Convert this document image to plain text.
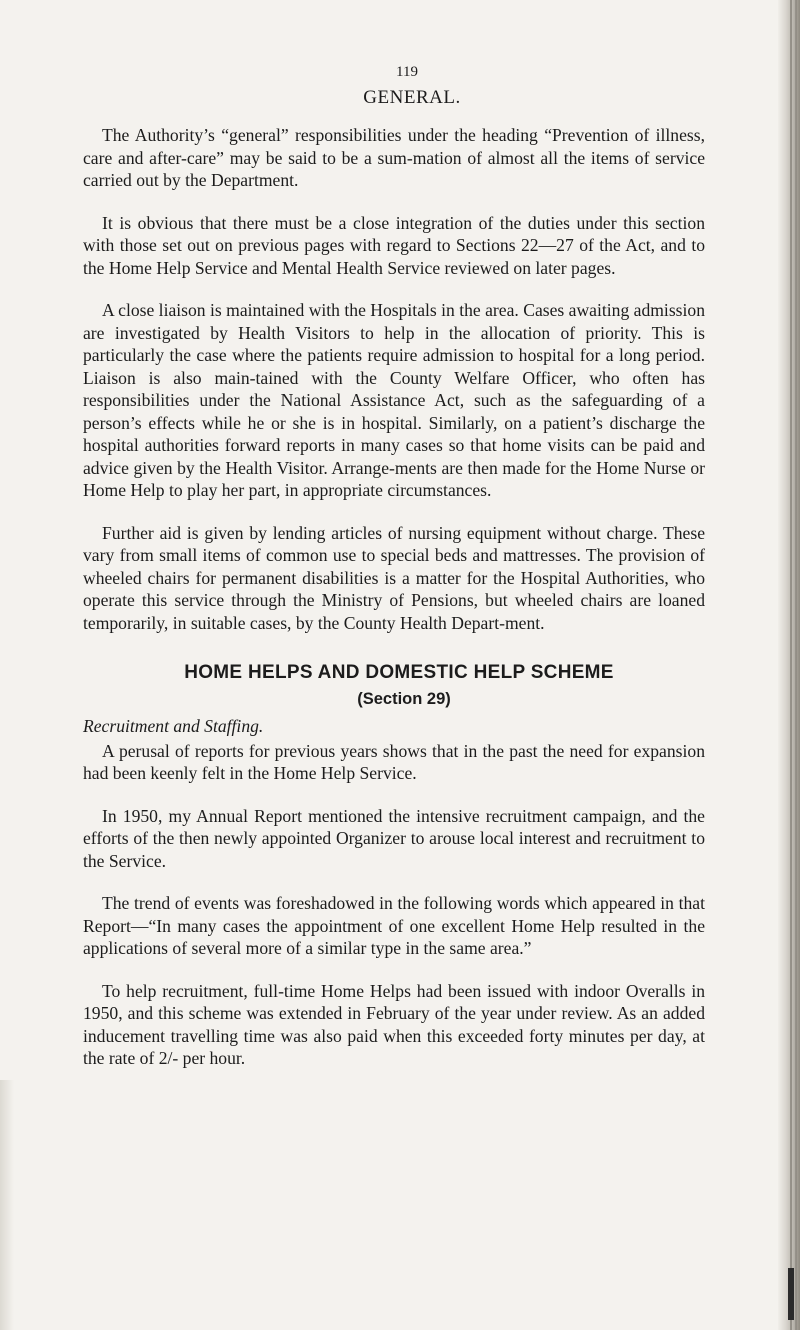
119
GENERAL.

The Authority’s “general” responsibilities under the heading “Prevention of illness, care and after-care” may be said to be a sum-mation of almost all the items of service carried out by the Department.

It is obvious that there must be a close integration of the duties under this section with those set out on previous pages with regard to Sections 22—27 of the Act, and to the Home Help Service and Mental Health Service reviewed on later pages.

A close liaison is maintained with the Hospitals in the area. Cases awaiting admission are investigated by Health Visitors to help in the allocation of priority. This is particularly the case where the patients require admission to hospital for a long period. Liaison is also main-tained with the County Welfare Officer, who often has responsibilities under the National Assistance Act, such as the safeguarding of a person’s effects while he or she is in hospital. Similarly, on a patient’s discharge the hospital authorities forward reports in many cases so that home visits can be paid and advice given by the Health Visitor. Arrange-ments are then made for the Home Nurse or Home Help to play her part, in appropriate circumstances.

Further aid is given by lending articles of nursing equipment without charge. These vary from small items of common use to special beds and mattresses. The provision of wheeled chairs for permanent disabilities is a matter for the Hospital Authorities, who operate this service through the Ministry of Pensions, but wheeled chairs are loaned temporarily, in suitable cases, by the County Health Depart-ment.

HOME HELPS AND DOMESTIC HELP SCHEME
(Section 29)
Recruitment and Staffing.

A perusal of reports for previous years shows that in the past the need for expansion had been keenly felt in the Home Help Service.

In 1950, my Annual Report mentioned the intensive recruitment campaign, and the efforts of the then newly appointed Organizer to arouse local interest and recruitment to the Service.

The trend of events was foreshadowed in the following words which appeared in that Report—“In many cases the appointment of one excellent Home Help resulted in the applications of several more of a similar type in the same area.”

To help recruitment, full-time Home Helps had been issued with indoor Overalls in 1950, and this scheme was extended in February of the year under review. As an added inducement travelling time was also paid when this exceeded forty minutes per day, at the rate of 2/- per hour.
